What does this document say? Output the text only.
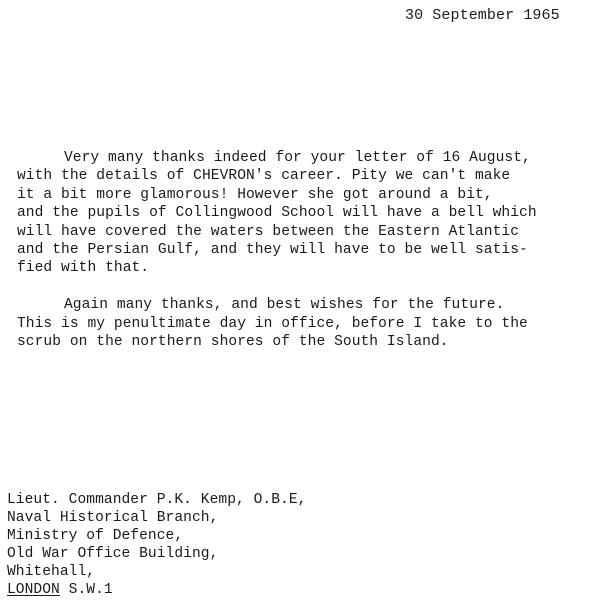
30 September 1965
Very many thanks indeed for your letter of 16 August,
with the details of CHEVRON's career. Pity we can't make
it a bit more glamorous! However she got around a bit,
and the pupils of Collingwood School will have a bell which
will have covered the waters between the Eastern Atlantic
and the Persian Gulf, and they will have to be well satis-
fied with that.
Again many thanks, and best wishes for the future.
This is my penultimate day in office, before I take to the
scrub on the northern shores of the South Island.
Lieut. Commander P.K. Kemp, O.B.E,
Naval Historical Branch,
Ministry of Defence,
Old War Office Building,
Whitehall,
LONDON S.W.1
